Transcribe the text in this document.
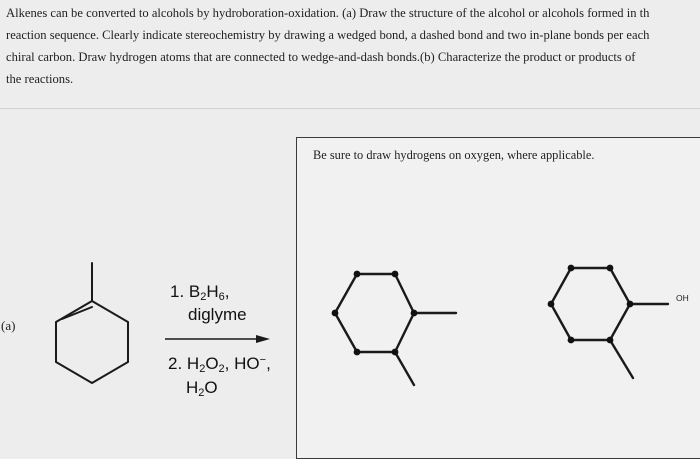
Alkenes can be converted to alcohols by hydroboration-oxidation. (a) Draw the structure of the alcohol or alcohols formed in th
reaction sequence. Clearly indicate stereochemistry by drawing a wedged bond, a dashed bond and two in-plane bonds per each
chiral carbon. Draw hydrogen atoms that are connected to wedge-and-dash bonds.(b) Characterize the product or products of
the reactions.
Be sure to draw hydrogens on oxygen, where applicable.
(a)
1. $B_2H_6$,
diglyme
2. $H_2O_2$, HO−,
$H_2O$
OH
